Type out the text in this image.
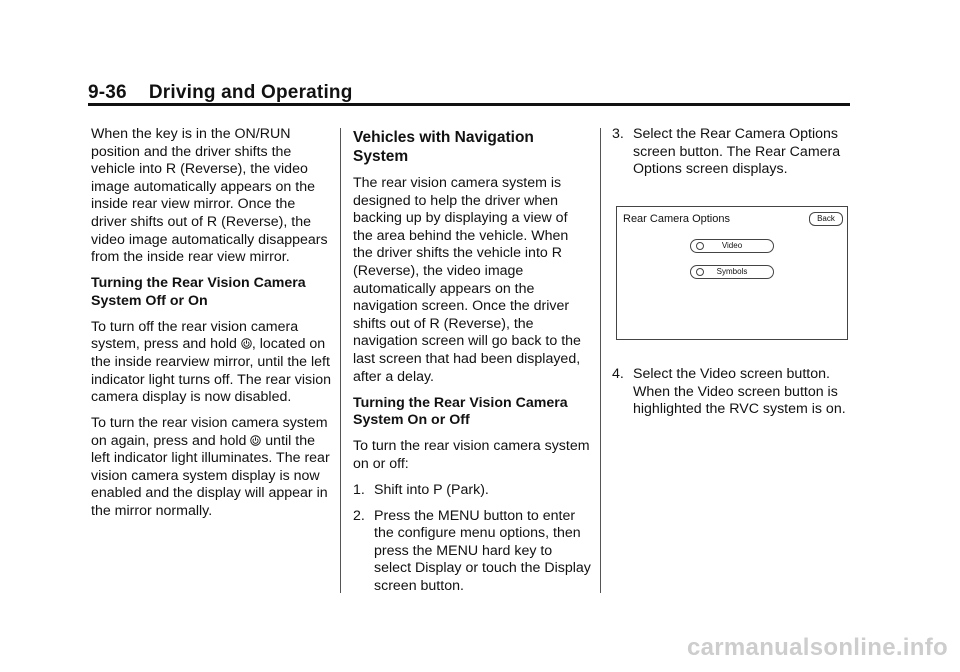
9-36 Driving and Operating

When the key is in the ON/RUN position and the driver shifts the vehicle into R (Reverse), the video image automatically appears on the inside rear view mirror. Once the driver shifts out of R (Reverse), the video image automatically disappears from the inside rear view mirror.

Turning the Rear Vision Camera System Off or On

To turn off the rear vision camera system, press and hold , located on the inside rearview mirror, until the left indicator light turns off. The rear vision camera display is now disabled.

To turn the rear vision camera system on again, press and hold until the left indicator light illuminates. The rear vision camera system display is now enabled and the display will appear in the mirror normally.

Vehicles with Navigation System

The rear vision camera system is designed to help the driver when backing up by displaying a view of the area behind the vehicle. When the driver shifts the vehicle into R (Reverse), the video image automatically appears on the navigation screen. Once the driver shifts out of R (Reverse), the navigation screen will go back to the last screen that had been displayed, after a delay.

Turning the Rear Vision Camera System On or Off

To turn the rear vision camera system on or off:

1. Shift into P (Park).
2. Press the MENU button to enter the configure menu options, then press the MENU hard key to select Display or touch the Display screen button.
3. Select the Rear Camera Options screen button. The Rear Camera Options screen displays.
Rear Camera Options	Back
Video
Symbols
4. Select the Video screen button. When the Video screen button is highlighted the RVC system is on.
carmanualsonline.info
